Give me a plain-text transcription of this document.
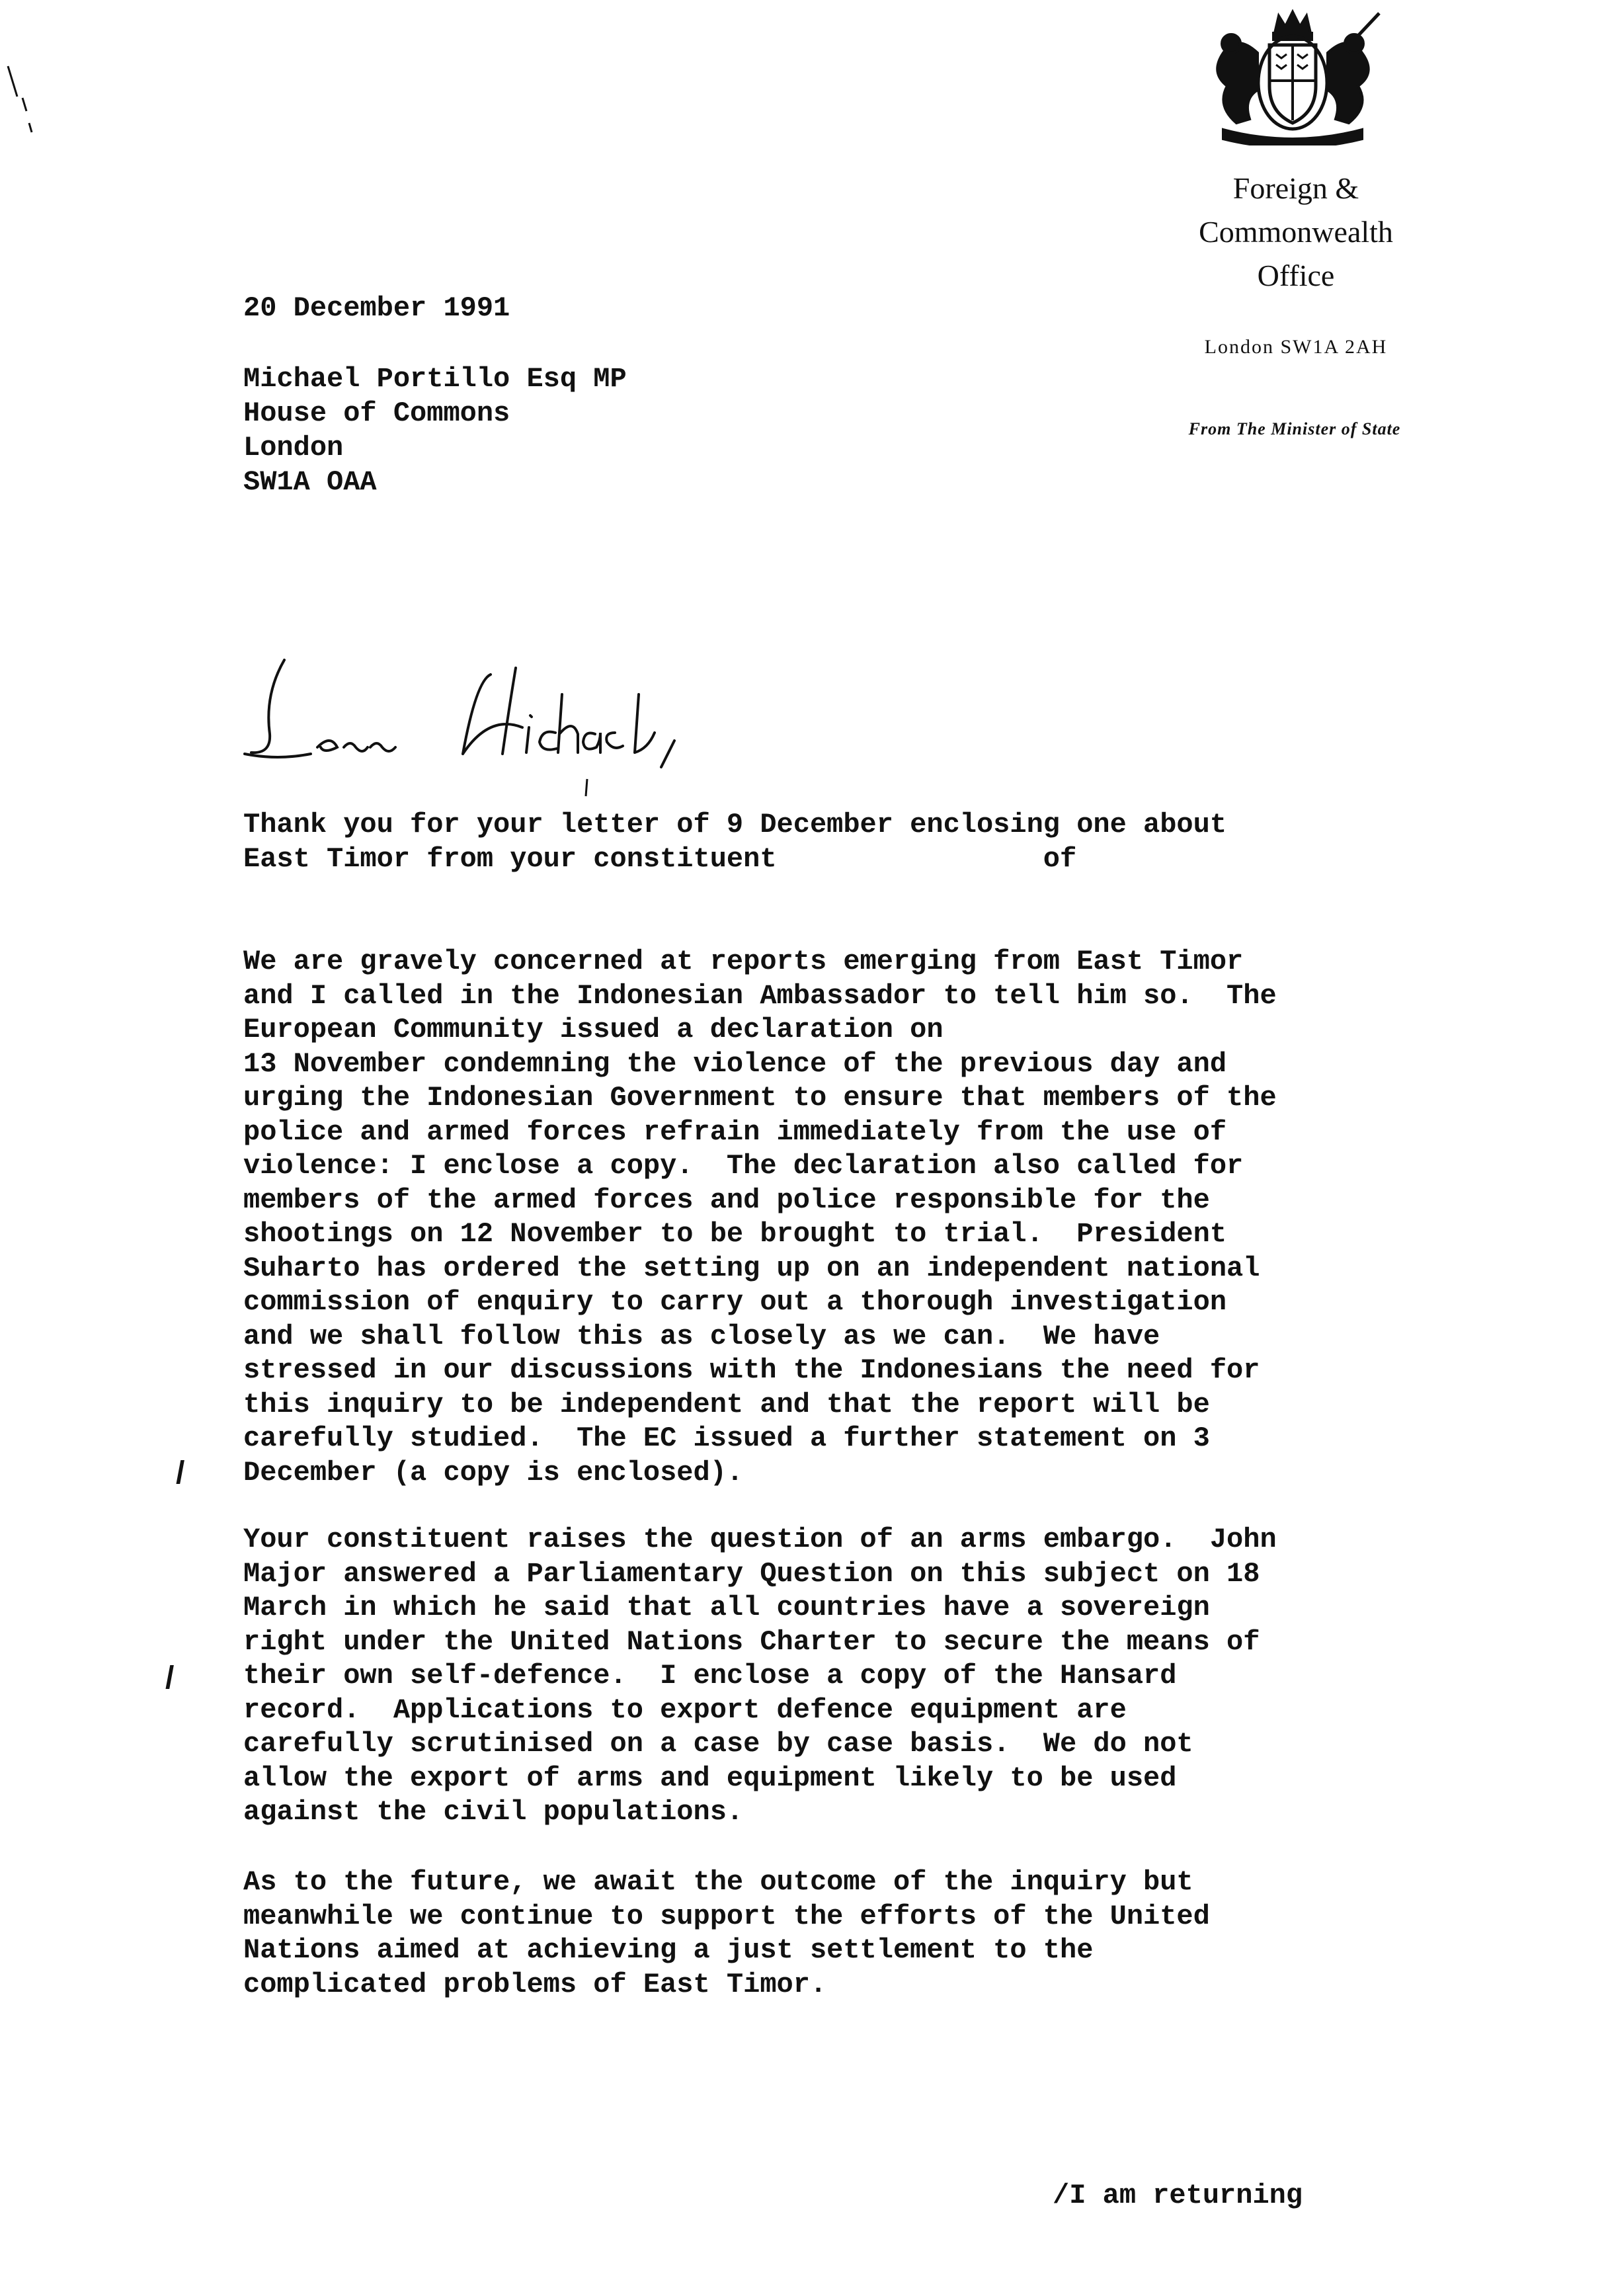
Foreign &
Commonwealth
Office
London SW1A 2AH
From The Minister of State
20 December 1991
Michael Portillo Esq MP
House of Commons
London
SW1A OAA
Thank you for your letter of 9 December enclosing one about
East Timor from your constituent                of
We are gravely concerned at reports emerging from East Timor
and I called in the Indonesian Ambassador to tell him so.  The
European Community issued a declaration on
13 November condemning the violence of the previous day and
urging the Indonesian Government to ensure that members of the
police and armed forces refrain immediately from the use of
violence: I enclose a copy.  The declaration also called for
members of the armed forces and police responsible for the
shootings on 12 November to be brought to trial.  President
Suharto has ordered the setting up on an independent national
commission of enquiry to carry out a thorough investigation
and we shall follow this as closely as we can.  We have
stressed in our discussions with the Indonesians the need for
this inquiry to be independent and that the report will be
carefully studied.  The EC issued a further statement on 3
December (a copy is enclosed).
Your constituent raises the question of an arms embargo.  John
Major answered a Parliamentary Question on this subject on 18
March in which he said that all countries have a sovereign
right under the United Nations Charter to secure the means of
their own self-defence.  I enclose a copy of the Hansard
record.  Applications to export defence equipment are
carefully scrutinised on a case by case basis.  We do not
allow the export of arms and equipment likely to be used
against the civil populations.
As to the future, we await the outcome of the inquiry but
meanwhile we continue to support the efforts of the United
Nations aimed at achieving a just settlement to the
complicated problems of East Timor.
/
/
/I am returning
